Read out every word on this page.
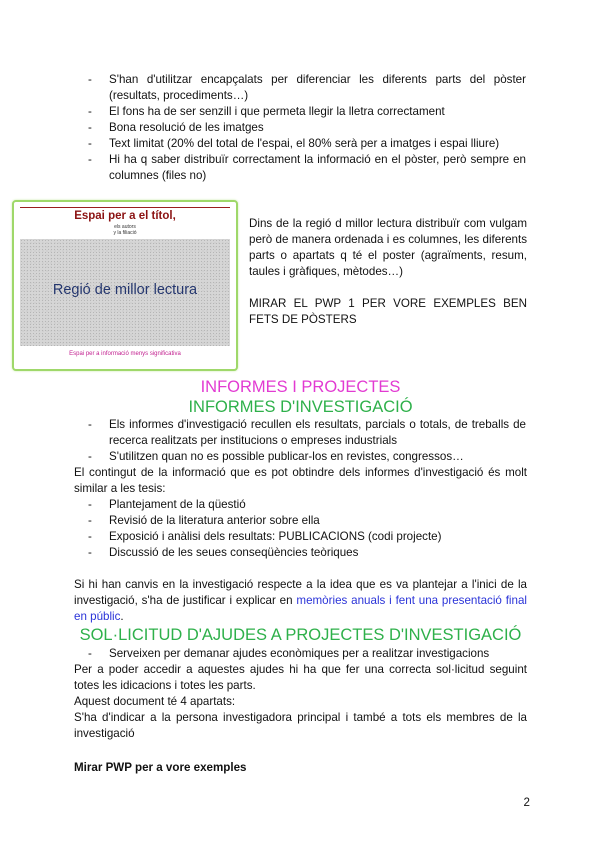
- S'han d'utilitzar encapçalats per diferenciar les diferents parts del pòster (resultats, procediments…)
- El fons ha de ser senzill i que permeta llegir la lletra correctament
- Bona resolució de les imatges
- Text limitat (20% del total de l'espai, el 80% serà per a imatges i espai lliure)
- Hi ha q saber distribuïr correctament la informació en el pòster, però sempre en columnes (files no)
Espai per a el títol,
els autors
y la filiació
Regió de millor lectura
Espai per a informació menys significativa
Dins de la regió d millor lectura distribuïr com vulgam però de manera ordenada i es columnes, les diferents parts o apartats q té el poster (agraïments, resum, taules i gràfiques, mètodes…)
MIRAR EL PWP 1 PER VORE EXEMPLES BEN FETS DE PÒSTERS
INFORMES I PROJECTES
INFORMES D'INVESTIGACIÓ
- Els informes d'investigació recullen els resultats, parcials o totals, de treballs de recerca realitzats per institucions o empreses industrials
- S'utilitzen quan no es possible publicar-los en revistes, congressos…
El contingut de la informació que es pot obtindre dels informes d'investigació és molt similar a les tesis:
- Plantejament de la qüestió
- Revisió de la literatura anterior sobre ella
- Exposició i anàlisi dels resultats: PUBLICACIONS (codi projecte)
- Discussió de les seues conseqüències teòriques
Si hi han canvis en la investigació respecte a la idea que es va plantejar a l'inici de la investigació, s'ha de justificar i explicar en memòries anuals i fent una presentació final en públic.
SOL·LICITUD D'AJUDES A PROJECTES D'INVESTIGACIÓ
- Serveixen per demanar ajudes econòmiques per a realitzar investigacions
Per a poder accedir a aquestes ajudes hi ha que fer una correcta sol·licitud seguint totes les idicacions i totes les parts.
Aquest document té 4 apartats:
S'ha d'indicar a la persona investigadora principal i també a tots els membres de la investigació
Mirar PWP per a vore exemples
2
